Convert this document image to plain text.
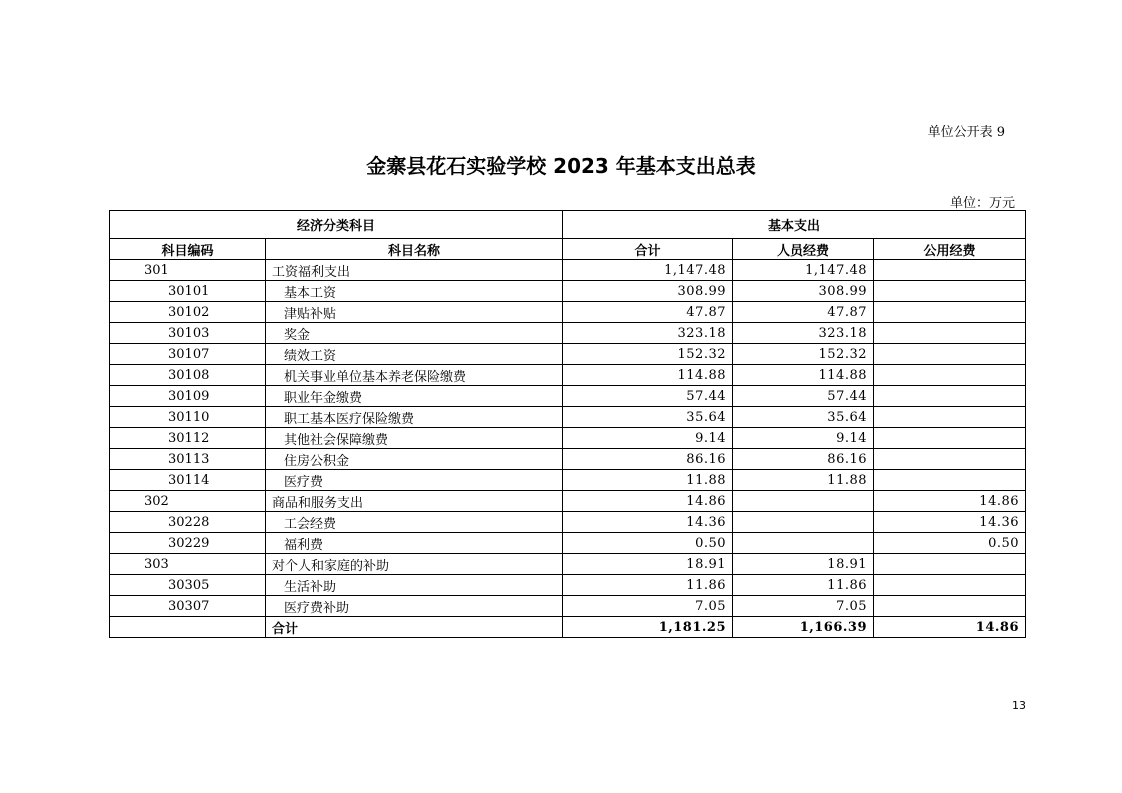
单位公开表 9
金寨县花石实验学校 2023 年基本支出总表
单位：万元
经济分类科目		基本支出		
科目编码	科目名称	合计	人员经费	公用经费
301	工资福利支出	1,147.48	1,147.48	
30101	基本工资	308.99	308.99	
30102	津贴补贴	47.87	47.87	
30103	奖金	323.18	323.18	
30107	绩效工资	152.32	152.32	
30108	机关事业单位基本养老保险缴费	114.88	114.88	
30109	职业年金缴费	57.44	57.44	
30110	职工基本医疗保险缴费	35.64	35.64	
30112	其他社会保障缴费	9.14	9.14	
30113	住房公积金	86.16	86.16	
30114	医疗费	11.88	11.88	
302	商品和服务支出	14.86		14.86
30228	工会经费	14.36		14.36
30229	福利费	0.50		0.50
303	对个人和家庭的补助	18.91	18.91	
30305	生活补助	11.86	11.86	
30307	医疗费补助	7.05	7.05	
	合计	1,181.25	1,166.39	14.86
13
